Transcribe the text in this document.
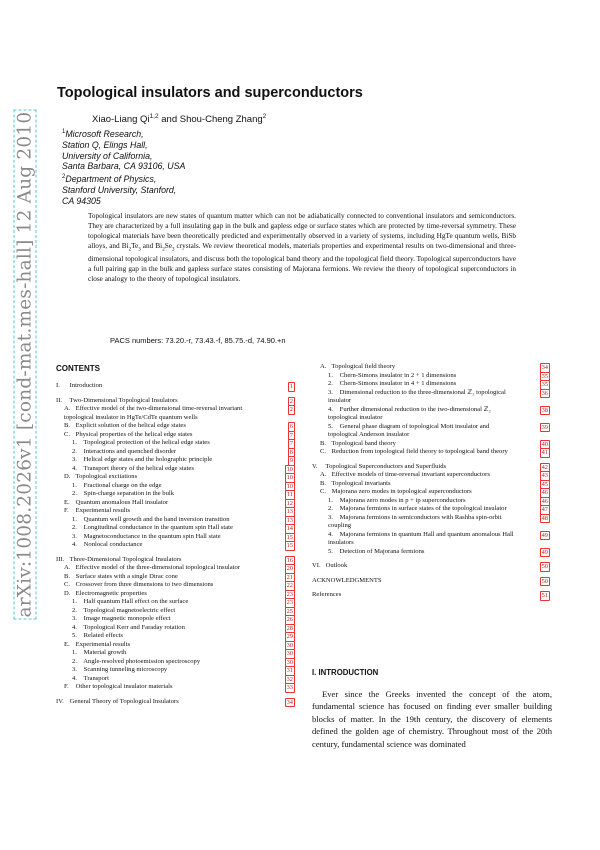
arXiv:1008.2026v1 [cond-mat.mes-hall] 12 Aug 2010
Topological insulators and superconductors
Xiao-Liang Qi$^{1,2}$ and Shou-Cheng Zhang$^2$
$^1$Microsoft Research,
Station Q, Elings Hall,
University of California,
Santa Barbara, CA 93106, USA
$^2$Department of Physics,
Stanford University, Stanford,
CA 94305
Topological insulators are new states of quantum matter which can not be adiabatically connected to conventional insulators and semiconductors. They are characterized by a full insulating gap in the bulk and gapless edge or surface states which are protected by time-reversal symmetry. These topological materials have been theoretically predicted and experimentally observed in a variety of systems, including HgTe quantum wells, BiSb alloys, and $Bi_2Te_3$ and $Bi_2Se_3$ crystals. We review theoretical models, materials properties and experimental results on two-dimensional and three-dimensional topological insulators, and discuss both the topological band theory and the topological field theory. Topological superconductors have a full pairing gap in the bulk and gapless surface states consisting of Majorana fermions. We review the theory of topological superconductors in close analogy to the theory of topological insulators.
PACS numbers: 73.20.-r, 73.43.-f, 85.75.-d, 74.90.+n
CONTENTS
I. Introduction	1
II. Two-Dimensional Topological Insulators	2
A. Effective model of the two-dimensional time-reversal invariant topological insulator in HgTe/CdTe quantum wells
2
B. Explicit solution of the helical edge states	6
C. Physical properties of the helical edge states	7
1. Topological protection of the helical edge states	7
2. Interactions and quenched disorder	8
3. Helical edge states and the holographic principle	9
4. Transport theory of the helical edge states	10
D. Topological excitations	10
1. Fractional charge on the edge	10
2. Spin-charge separation in the bulk	11
E. Quantum anomalous Hall insulator	12
F. Experimental results	13
1. Quantum well growth and the band inversion transition	13
2. Longitudinal conductance in the quantum spin Hall state	14
3. Magnetoconductance in the quantum spin Hall state	15
4. Nonlocal conductance	15
III. Three-Dimensional Topological Insulators	16
A. Effective model of the three-dimensional topological insulator	20
B. Surface states with a single Dirac cone	21
C. Crossover from three dimensions to two dimensions	22
D. Electromagnetic properties	23
1. Half quantum Hall effect on the surface	23
2. Topological magnetoelectric effect	25
3. Image magnetic monopole effect	26
4. Topological Kerr and Faraday rotation	28
5. Related effects	29
E. Experimental results	30
1. Material growth	30
2. Angle-resolved photoemission spectroscopy	30
3. Scanning tunneling microscopy	31
4. Transport	32
F. Other topological insulator materials	33
IV. General Theory of Topological Insulators	34
A. Topological field theory	34
1. Chern-Simons insulator in 2 + 1 dimensions	35
2. Chern-Simons insulator in 4 + 1 dimensions	35
3. Dimensional reduction to the three-dimensional ℤ₂ topological insulator
36
4. Further dimensional reduction to the two-dimensional ℤ₂ topological insulator
38
5. General phase diagram of topological Mott insulator and topological Anderson insulator
39
B. Topological band theory	40
C. Reduction from topological field theory to topological band theory	41
V. Topological Superconductors and Superfluids	42
A. Effective models of time-reversal invariant superconductors	43
B. Topological invariants	45
C. Majorana zero modes in topological superconductors	46
1. Majorana zero modes in p + ip superconductors	46
2. Majorana fermions in surface states of the topological insulator	47
3. Majorana fermions in semiconductors with Rashba spin-orbit coupling
48
4. Majorana fermions in quantum Hall and quantum anomalous Hall insulators
49
5. Detection of Majorana fermions	49
VI. Outlook	50
ACKNOWLEDGMENTS	50
References	51
I. INTRODUCTION
Ever since the Greeks invented the concept of the atom, fundamental science has focused on finding ever smaller building blocks of matter. In the 19th century, the discovery of elements defined the golden age of chemistry. Throughout most of the 20th century, fundamental science was dominated
